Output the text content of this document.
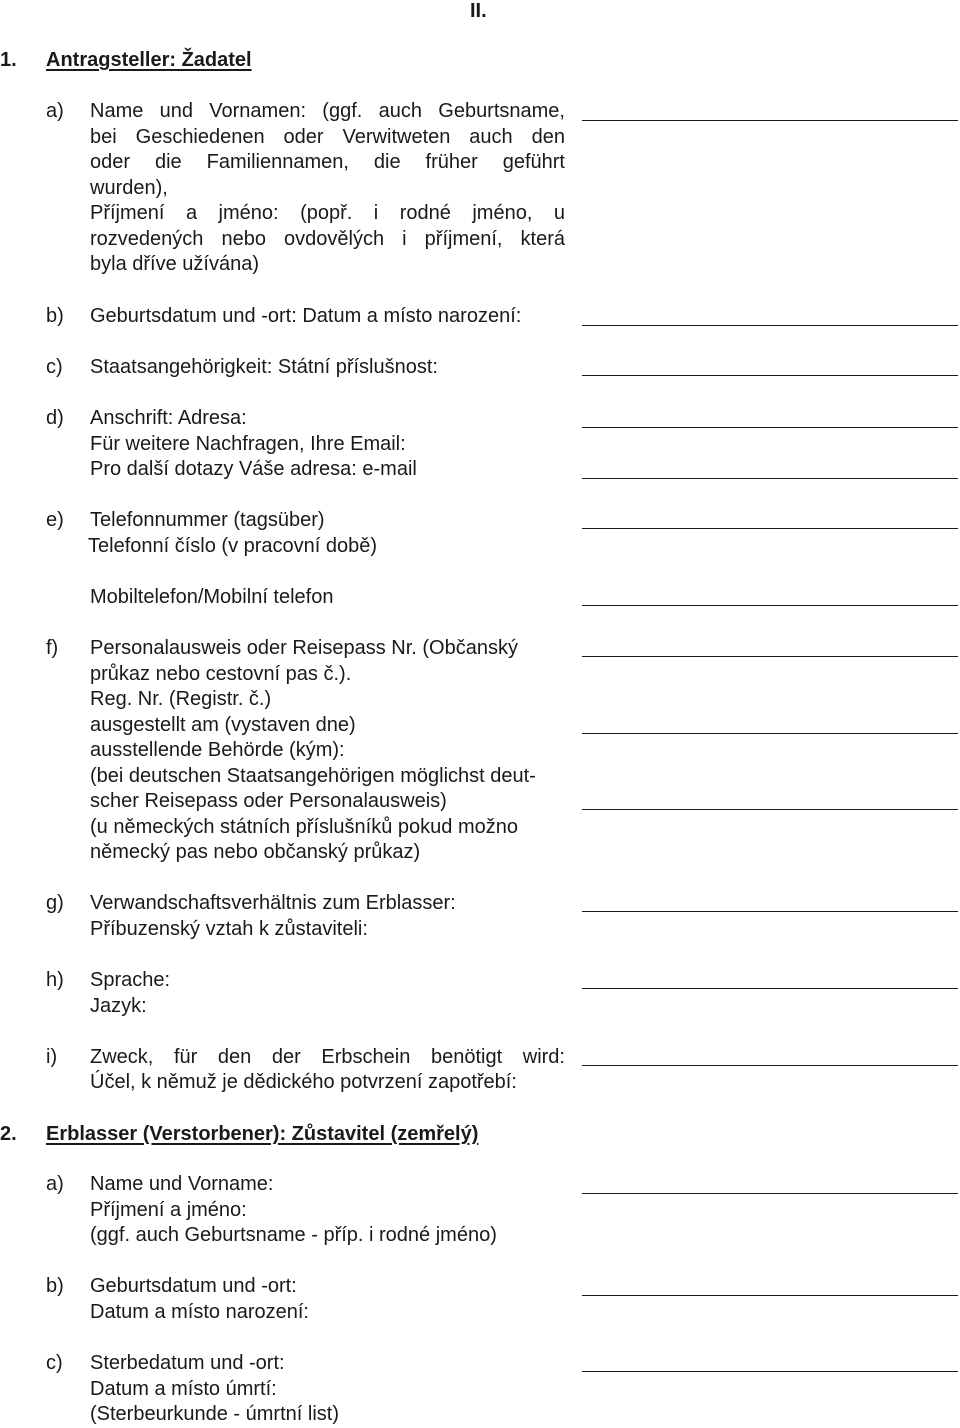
II.
1. Antragsteller: Žadatel
a) Name und Vornamen: (ggf. auch Geburtsname,
bei Geschiedenen oder Verwitweten auch den
oder die Familiennamen, die früher geführt
wurden),
Příjmení a jméno: (popř. i rodné jméno, u
rozvedených nebo ovdovělých i příjmení, která
byla dříve užívána)
b) Geburtsdatum und -ort: Datum a místo narození:
c) Staatsangehörigkeit: Státní příslušnost:
d) Anschrift: Adresa:
Für weitere Nachfragen, Ihre Email:
Pro další dotazy Váše adresa: e-mail
e) Telefonnummer (tagsüber)
Telefonní číslo (v pracovní době)
Mobiltelefon/Mobilní telefon
f) Personalausweis oder Reisepass Nr. (Občanský
průkaz nebo cestovní pas č.).
Reg. Nr. (Registr. č.)
ausgestellt am (vystaven dne)
ausstellende Behörde (kým):
(bei deutschen Staatsangehörigen möglichst deut-
scher Reisepass oder Personalausweis)
(u německých státních příslušníků pokud možno
německý pas nebo občanský průkaz)
g) Verwandschaftsverhältnis zum Erblasser:
Příbuzenský vztah k zůstaviteli:
h) Sprache:
Jazyk:
i) Zweck, für den der Erbschein benötigt wird:
Účel, k němuž je dědického potvrzení zapotřebí:
2. Erblasser (Verstorbener): Zůstavitel (zemřelý)
a) Name und Vorname:
Příjmení a jméno:
(ggf. auch Geburtsname - příp. i rodné jméno)
b) Geburtsdatum und -ort:
Datum a místo narození:
c) Sterbedatum und -ort:
Datum a místo úmrtí:
(Sterbeurkunde - úmrtní list)
